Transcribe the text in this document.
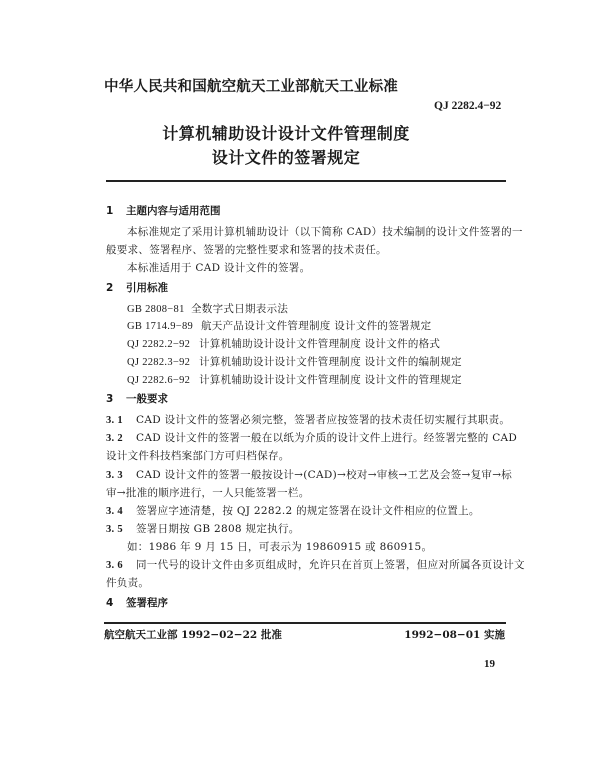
中华人民共和国航空航天工业部航天工业标准
QJ 2282.4−92
计算机辅助设计设计文件管理制度
设计文件的签署规定
1 主题内容与适用范围
本标准规定了采用计算机辅助设计（以下简称 CAD）技术编制的设计文件签署的一
般要求、签署程序、签署的完整性要求和签署的技术责任。
本标准适用于 CAD 设计文件的签署。
2 引用标准
GB 2808−81 全数字式日期表示法
GB 1714.9−89 航天产品设计文件管理制度 设计文件的签署规定
QJ 2282.2−92 计算机辅助设计设计文件管理制度 设计文件的格式
QJ 2282.3−92 计算机辅助设计设计文件管理制度 设计文件的编制规定
QJ 2282.6−92 计算机辅助设计设计文件管理制度 设计文件的管理规定
3 一般要求
3. 1 CAD 设计文件的签署必须完整，签署者应按签署的技术责任切实履行其职责。
3. 2 CAD 设计文件的签署一般在以纸为介质的设计文件上进行。经签署完整的 CAD
设计文件科技档案部门方可归档保存。
3. 3 CAD 设计文件的签署一般按设计→(CAD)→校对→审核→工艺及会签→复审→标
审→批准的顺序进行，一人只能签署一栏。
3. 4 签署应字迹清楚，按 QJ 2282.2 的规定签署在设计文件相应的位置上。
3. 5 签署日期按 GB 2808 规定执行。
如：1986 年 9 月 15 日，可表示为 19860915 或 860915。
3. 6 同一代号的设计文件由多页组成时，允许只在首页上签署，但应对所属各页设计文
件负责。
4 签署程序
航空航天工业部 1992−02−22 批准	1992−08−01 实施
19
